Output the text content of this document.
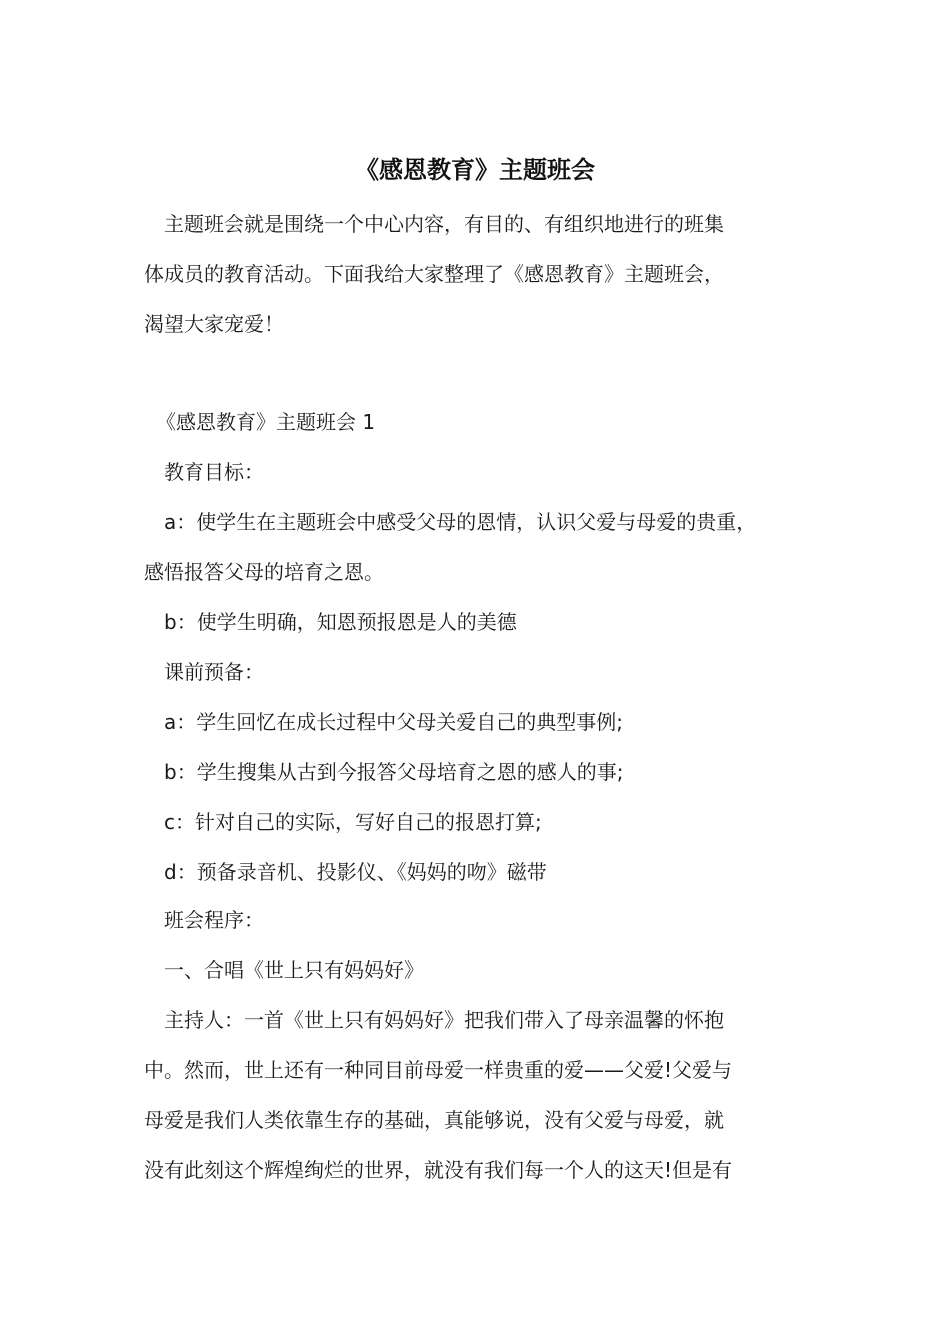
《感恩教育》主题班会
主题班会就是围绕一个中心内容，有目的、有组织地进行的班集
体成员的教育活动。下面我给大家整理了《感恩教育》主题班会，
渴望大家宠爱！
《感恩教育》主题班会 1
教育目标：
a：使学生在主题班会中感受父母的恩情，认识父爱与母爱的贵重，
感悟报答父母的培育之恩。
b：使学生明确，知恩预报恩是人的美德
课前预备：
a：学生回忆在成长过程中父母关爱自己的典型事例;
b：学生搜集从古到今报答父母培育之恩的感人的事;
c：针对自己的实际，写好自己的报恩打算;
d：预备录音机、投影仪、《妈妈的吻》磁带
班会程序：
一、合唱《世上只有妈妈好》
主持人：一首《世上只有妈妈好》把我们带入了母亲温馨的怀抱
中。然而，世上还有一种同目前母爱一样贵重的爱——父爱!父爱与
母爱是我们人类依靠生存的基础，真能够说，没有父爱与母爱，就
没有此刻这个辉煌绚烂的世界，就没有我们每一个人的这天!但是有
